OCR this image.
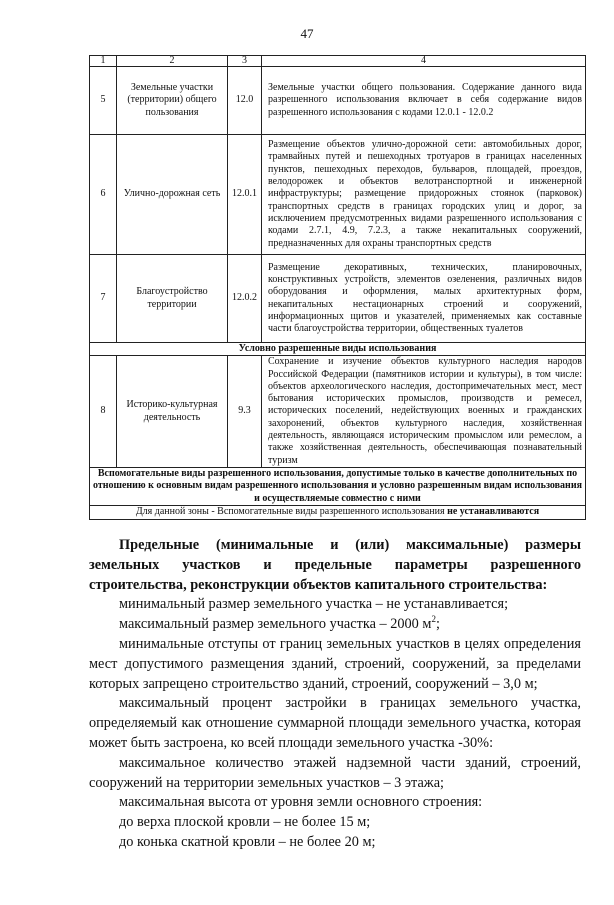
47
1	2	3	4
5	Земельные участки (территории) общего пользования	12.0	Земельные участки общего пользования. Содержание данного вида разрешенного использования включает в себя содержание видов разрешенного использования с кодами 12.0.1 - 12.0.2
6	Улично-дорожная сеть	12.0.1	Размещение объектов улично-дорожной сети: автомобильных дорог, трамвайных путей и пешеходных тротуаров в границах населенных пунктов, пешеходных переходов, бульваров, площадей, проездов, велодорожек и объектов велотранспортной и инженерной инфраструктуры; размещение придорожных стоянок (парковок) транспортных средств в границах городских улиц и дорог, за исключением предусмотренных видами разрешенного использования с кодами 2.7.1, 4.9, 7.2.3, а также некапитальных сооружений, предназначенных для охраны транспортных средств
7	Благоустройство территории	12.0.2	Размещение декоративных, технических, планировочных, конструктивных устройств, элементов озеленения, различных видов оборудования и оформления, малых архитектурных форм, некапитальных нестационарных строений и сооружений, информационных щитов и указателей, применяемых как составные части благоустройства территории, общественных туалетов
Условно разрешенные виды использования			
8	Историко-культурная деятельность	9.3	Сохранение и изучение объектов культурного наследия народов Российской Федерации (памятников истории и культуры), в том числе: объектов археологического наследия, достопримечательных мест, мест бытования исторических промыслов, производств и ремесел, исторических поселений, недействующих военных и гражданских захоронений, объектов культурного наследия, хозяйственная деятельность, являющаяся историческим промыслом или ремеслом, а также хозяйственная деятельность, обеспечивающая познавательный туризм
Вспомогательные виды разрешенного использования, допустимые только в качестве дополнительных по отношению к основным видам разрешенного использования и условно разрешенным видам использования и осуществляемые совместно с ними			
Для данной зоны - Вспомогательные виды разрешенного использования не устанавливаются			

Предельные (минимальные и (или) максимальные) размеры земельных участков и предельные параметры разрешенного строительства, реконструкции объектов капитального строительства:

минимальный размер земельного участка – не устанавливается;

максимальный размер земельного участка – 2000 $м^2$;

минимальные отступы от границ земельных участков в целях определения мест допустимого размещения зданий, строений, сооружений, за пределами которых запрещено строительство зданий, строений, сооружений – 3,0 м;

максимальный процент застройки в границах земельного участка, определяемый как отношение суммарной площади земельного участка, которая может быть застроена, ко всей площади земельного участка -30%:

максимальное количество этажей надземной части зданий, строений, сооружений на территории земельных участков – 3 этажа;

максимальная высота от уровня земли основного строения:

до верха плоской кровли – не более 15 м;

до конька скатной кровли – не более 20 м;
